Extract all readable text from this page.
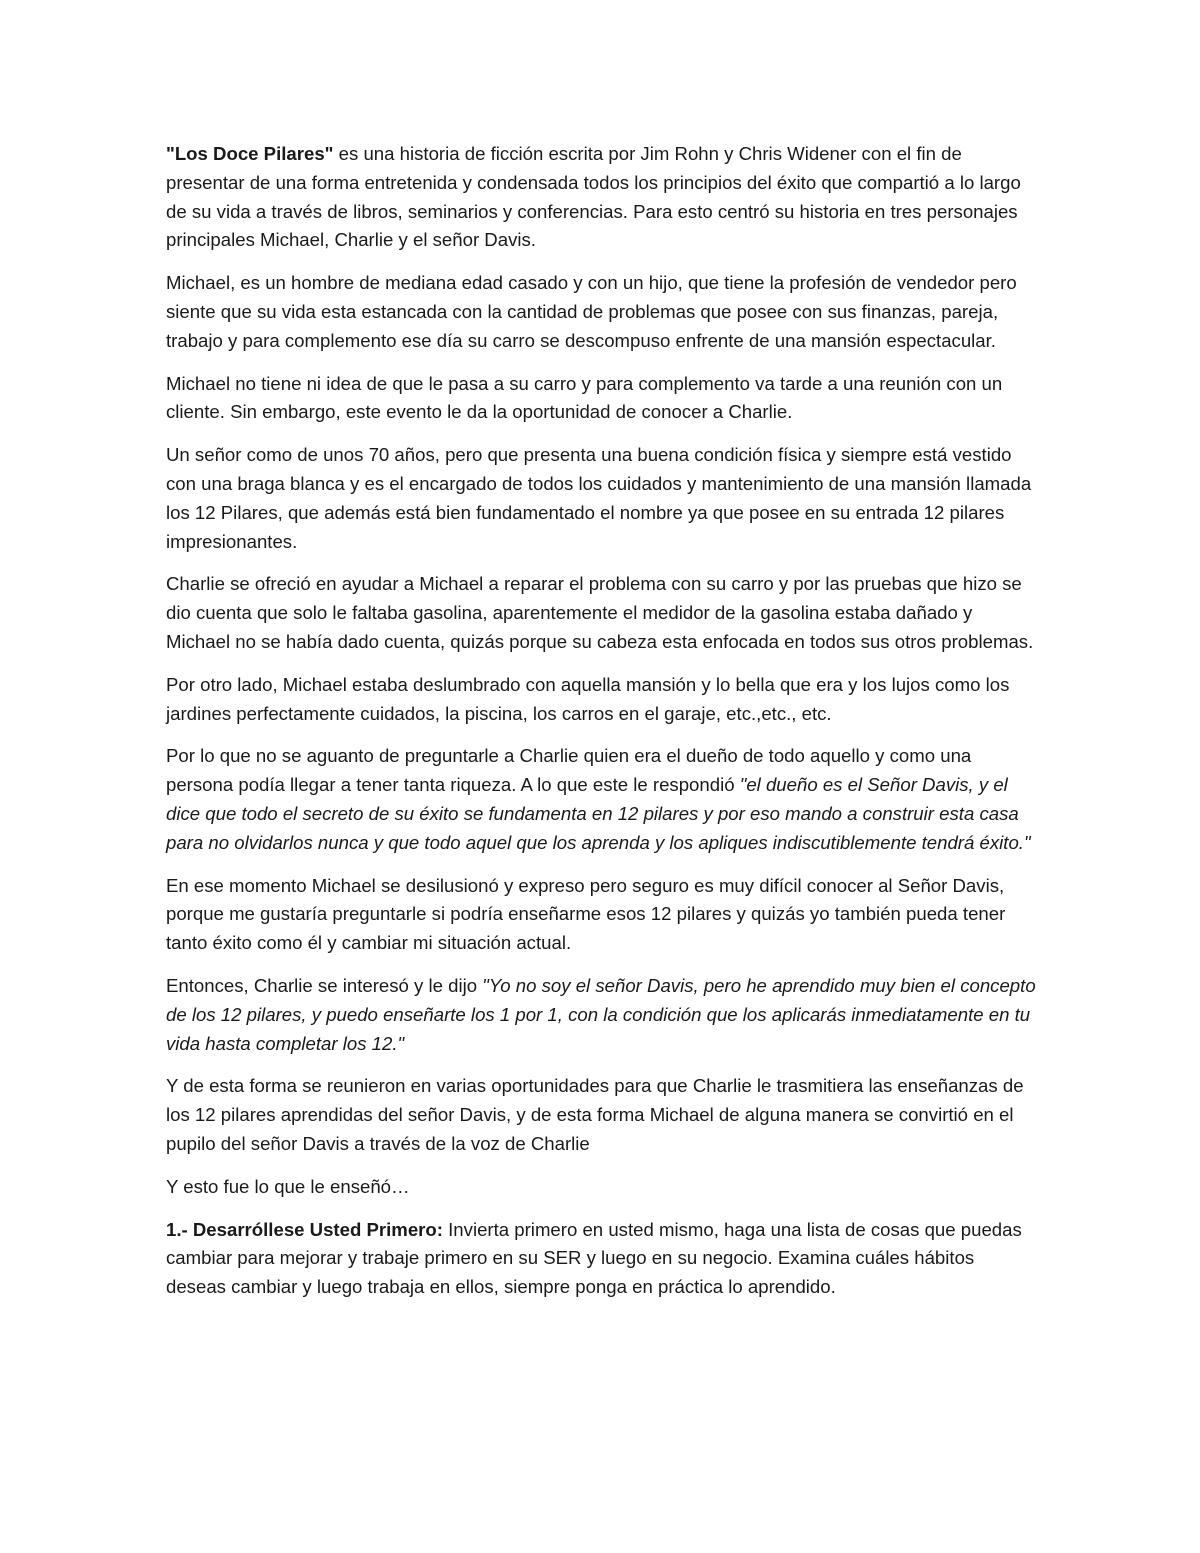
"Los Doce Pilares" es una historia de ficción escrita por Jim Rohn y Chris Widener con el fin de presentar de una forma entretenida y condensada todos los principios del éxito que compartió a lo largo de su vida a través de libros, seminarios y conferencias. Para esto centró su historia en tres personajes principales Michael, Charlie y el señor Davis.

Michael, es un hombre de mediana edad casado y con un hijo, que tiene la profesión de vendedor pero siente que su vida esta estancada con la cantidad de problemas que posee con sus finanzas, pareja, trabajo y para complemento ese día su carro se descompuso enfrente de una mansión espectacular.

Michael no tiene ni idea de que le pasa a su carro y para complemento va tarde a una reunión con un cliente. Sin embargo, este evento le da la oportunidad de conocer a Charlie.

Un señor como de unos 70 años, pero que presenta una buena condición física y siempre está vestido con una braga blanca y es el encargado de todos los cuidados y mantenimiento de una mansión llamada los 12 Pilares, que además está bien fundamentado el nombre ya que posee en su entrada 12 pilares impresionantes.

Charlie se ofreció en ayudar a Michael a reparar el problema con su carro y por las pruebas que hizo se dio cuenta que solo le faltaba gasolina, aparentemente el medidor de la gasolina estaba dañado y Michael no se había dado cuenta, quizás porque su cabeza esta enfocada en todos sus otros problemas.

Por otro lado, Michael estaba deslumbrado con aquella mansión y lo bella que era y los lujos como los jardines perfectamente cuidados, la piscina, los carros en el garaje, etc.,etc., etc.

Por lo que no se aguanto de preguntarle a Charlie quien era el dueño de todo aquello y como una persona podía llegar a tener tanta riqueza. A lo que este le respondió "el dueño es el Señor Davis, y el dice que todo el secreto de su éxito se fundamenta en 12 pilares y por eso mando a construir esta casa para no olvidarlos nunca y que todo aquel que los aprenda y los apliques indiscutiblemente tendrá éxito."

En ese momento Michael se desilusionó y expreso pero seguro es muy difícil conocer al Señor Davis, porque me gustaría preguntarle si podría enseñarme esos 12 pilares y quizás yo también pueda tener tanto éxito como él y cambiar mi situación actual.

Entonces, Charlie se interesó y le dijo "Yo no soy el señor Davis, pero he aprendido muy bien el concepto de los 12 pilares, y puedo enseñarte los 1 por 1, con la condición que los aplicarás inmediatamente en tu vida hasta completar los 12."

Y de esta forma se reunieron en varias oportunidades para que Charlie le trasmitiera las enseñanzas de los 12 pilares aprendidas del señor Davis, y de esta forma Michael de alguna manera se convirtió en el pupilo del señor Davis a través de la voz de Charlie

Y esto fue lo que le enseñó…

1.- Desarróllese Usted Primero: Invierta primero en usted mismo, haga una lista de cosas que puedas cambiar para mejorar y trabaje primero en su SER y luego en su negocio. Examina cuáles hábitos deseas cambiar y luego trabaja en ellos, siempre ponga en práctica lo aprendido.
